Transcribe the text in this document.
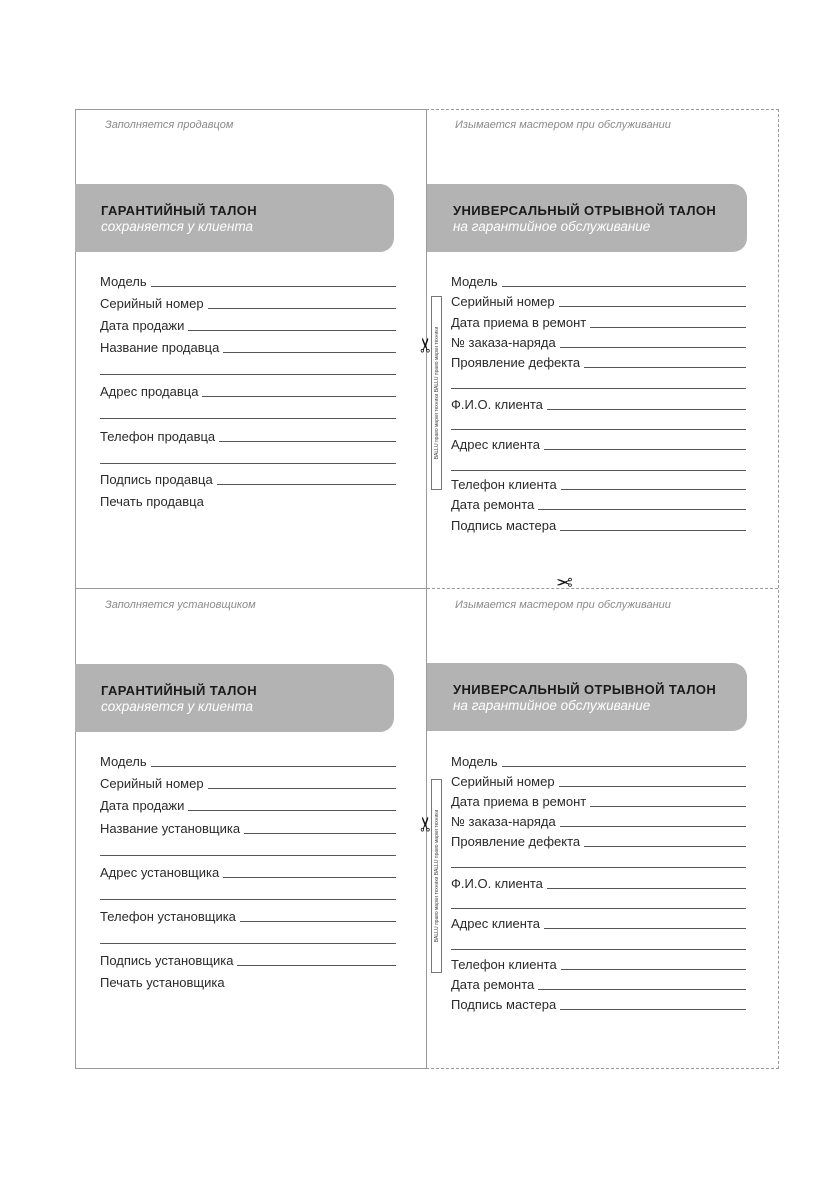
Заполняется продавцом
ГАРАНТИЙНЫЙ ТАЛОН
сохраняется у клиента
Модель
Серийный номер
Дата продажи
Название продавца
Адрес продавца
Телефон продавца
Подпись продавца
Печать продавца
Заполняется установщиком
ГАРАНТИЙНЫЙ ТАЛОН
сохраняется у клиента
Модель
Серийный номер
Дата продажи
Название установщика
Адрес установщика
Телефон установщика
Подпись установщика
Печать установщика
Изымается мастером при обслуживании
УНИВЕРСАЛЬНЫЙ ОТРЫВНОЙ ТАЛОН
на гарантийное обслуживание
BALLU право марки техники BALLU право марки техники
Модель
Серийный номер
Дата приема в ремонт
№ заказа-наряда
Проявление дефекта
Ф.И.О. клиента
Адрес клиента
Телефон клиента
Дата ремонта
Подпись мастера
Изымается мастером при обслуживании
УНИВЕРСАЛЬНЫЙ ОТРЫВНОЙ ТАЛОН
на гарантийное обслуживание
BALLU право марки техники BALLU право марки техники
Модель
Серийный номер
Дата приема в ремонт
№ заказа-наряда
Проявление дефекта
Ф.И.О. клиента
Адрес клиента
Телефон клиента
Дата ремонта
Подпись мастера
✂
✂
✂
